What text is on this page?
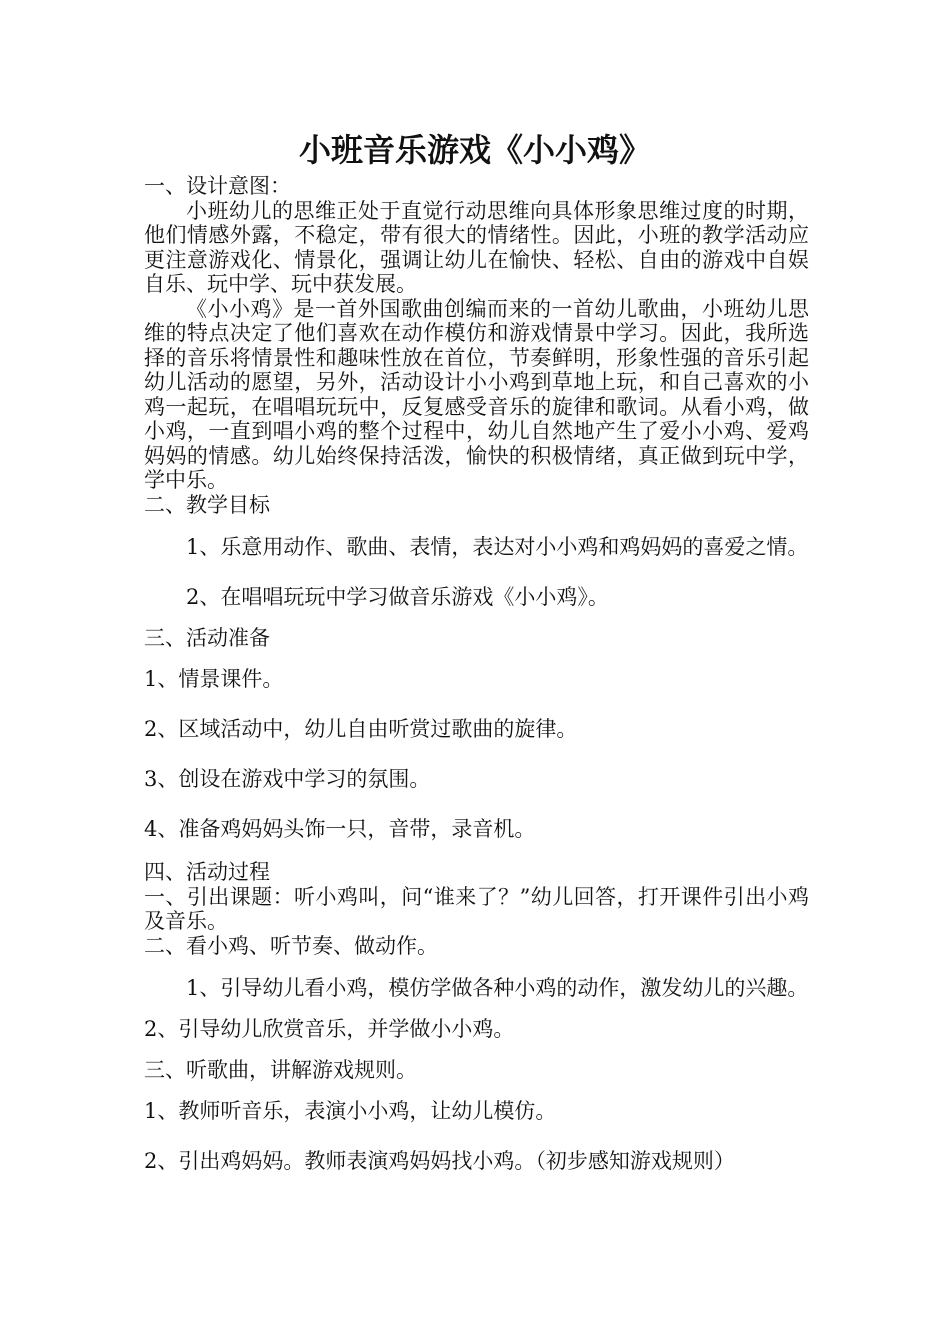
小班音乐游戏《小小鸡》

一、设计意图：

小班幼儿的思维正处于直觉行动思维向具体形象思维过度的时期，他们情感外露，不稳定，带有很大的情绪性。因此，小班的教学活动应更注意游戏化、情景化，强调让幼儿在愉快、轻松、自由的游戏中自娱自乐、玩中学、玩中获发展。

《小小鸡》是一首外国歌曲创编而来的一首幼儿歌曲，小班幼儿思维的特点决定了他们喜欢在动作模仿和游戏情景中学习。因此，我所选择的音乐将情景性和趣味性放在首位，节奏鲜明，形象性强的音乐引起幼儿活动的愿望，另外，活动设计小小鸡到草地上玩，和自己喜欢的小鸡一起玩，在唱唱玩玩中，反复感受音乐的旋律和歌词。从看小鸡，做小鸡，一直到唱小鸡的整个过程中，幼儿自然地产生了爱小小鸡、爱鸡妈妈的情感。幼儿始终保持活泼，愉快的积极情绪，真正做到玩中学，学中乐。

二、教学目标

1、乐意用动作、歌曲、表情，表达对小小鸡和鸡妈妈的喜爱之情。

2、在唱唱玩玩中学习做音乐游戏《小小鸡》。

三、活动准备

1、情景课件。

2、区域活动中，幼儿自由听赏过歌曲的旋律。

3、创设在游戏中学习的氛围。

4、准备鸡妈妈头饰一只，音带，录音机。

四、活动过程

一、引出课题：听小鸡叫，问“谁来了？”幼儿回答，打开课件引出小鸡及音乐。

二、看小鸡、听节奏、做动作。

1、引导幼儿看小鸡，模仿学做各种小鸡的动作，激发幼儿的兴趣。

2、引导幼儿欣赏音乐，并学做小小鸡。

三、听歌曲，讲解游戏规则。

1、教师听音乐，表演小小鸡，让幼儿模仿。

2、引出鸡妈妈。教师表演鸡妈妈找小鸡。（初步感知游戏规则）
